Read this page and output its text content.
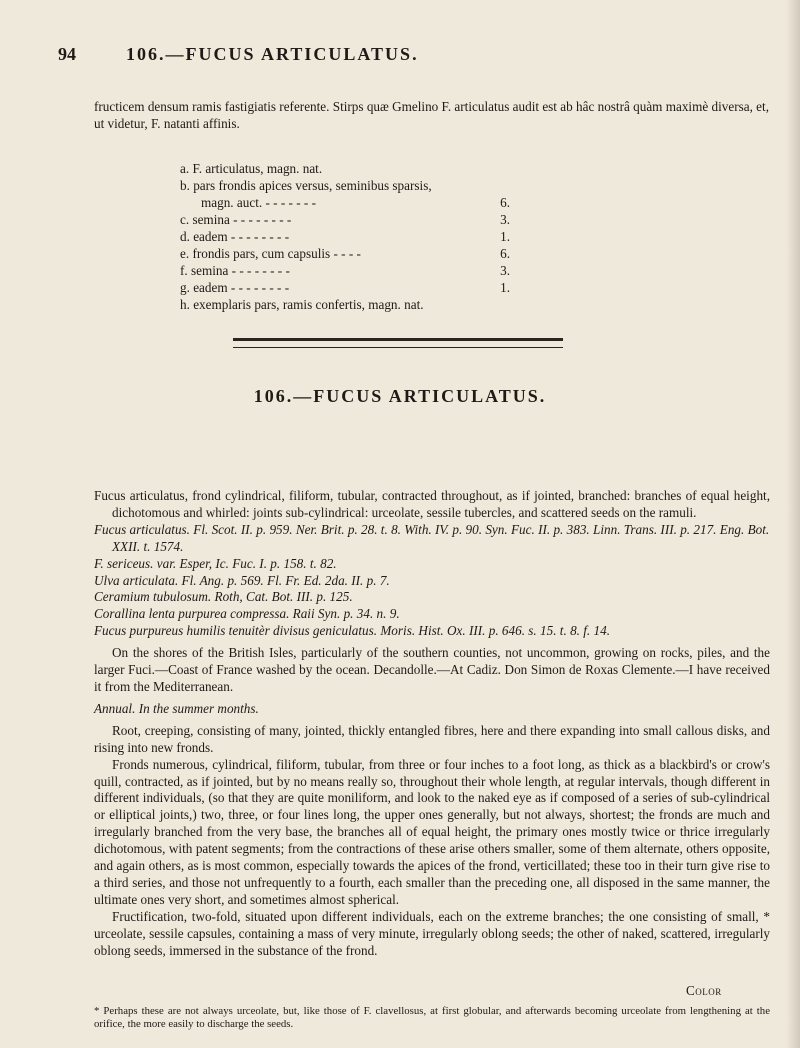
94	106.—FUCUS ARTICULATUS.

fructicem densum ramis fastigiatis referente. Stirps quæ Gmelino F. articulatus audit est ab hâc nostrâ quàm maximè diversa, et, ut videtur, F. natanti affinis.

a. F. articulatus, magn. nat.
b. pars frondis apices versus, seminibus sparsis,
magn. auct. - - - - - - -	6.
c. semina - - - - - - - -	3.
d. eadem - - - - - - - -	1.
e. frondis pars, cum capsulis - - - -	6.
f. semina - - - - - - - -	3.
g. eadem - - - - - - - -	1.
h. exemplaris pars, ramis confertis, magn. nat.
106.—FUCUS ARTICULATUS.

Fucus articulatus, frond cylindrical, filiform, tubular, contracted throughout, as if jointed, branched: branches of equal height, dichotomous and whirled: joints sub-cylindrical: urceolate, sessile tubercles, and scattered seeds on the ramuli.

Fucus articulatus. Fl. Scot. II. p. 959. Ner. Brit. p. 28. t. 8. With. IV. p. 90. Syn. Fuc. II. p. 383. Linn. Trans. III. p. 217. Eng. Bot. XXII. t. 1574.

F. sericeus. var. Esper, Ic. Fuc. I. p. 158. t. 82.

Ulva articulata. Fl. Ang. p. 569. Fl. Fr. Ed. 2da. II. p. 7.

Ceramium tubulosum. Roth, Cat. Bot. III. p. 125.

Corallina lenta purpurea compressa. Raii Syn. p. 34. n. 9.

Fucus purpureus humilis tenuitèr divisus geniculatus. Moris. Hist. Ox. III. p. 646. s. 15. t. 8. f. 14.

On the shores of the British Isles, particularly of the southern counties, not uncommon, growing on rocks, piles, and the larger Fuci.—Coast of France washed by the ocean. Decandolle.—At Cadiz. Don Simon de Roxas Clemente.—I have received it from the Mediterranean.

Annual. In the summer months.

Root, creeping, consisting of many, jointed, thickly entangled fibres, here and there expanding into small callous disks, and rising into new fronds.

Fronds numerous, cylindrical, filiform, tubular, from three or four inches to a foot long, as thick as a blackbird's or crow's quill, contracted, as if jointed, but by no means really so, throughout their whole length, at regular intervals, though different in different individuals, (so that they are quite moniliform, and look to the naked eye as if composed of a series of sub-cylindrical or elliptical joints,) two, three, or four lines long, the upper ones generally, but not always, shortest; the fronds are much and irregularly branched from the very base, the branches all of equal height, the primary ones mostly twice or thrice irregularly dichotomous, with patent segments; from the contractions of these arise others smaller, some of them alternate, others opposite, and again others, as is most common, especially towards the apices of the frond, verticillated; these too in their turn give rise to a third series, and those not unfrequently to a fourth, each smaller than the preceding one, all disposed in the same manner, the ultimate ones very short, and sometimes almost spherical.

Fructification, two-fold, situated upon different individuals, each on the extreme branches; the one consisting of small, * urceolate, sessile capsules, containing a mass of very minute, irregularly oblong seeds; the other of naked, scattered, irregularly oblong seeds, immersed in the substance of the frond.

Color

* Perhaps these are not always urceolate, but, like those of F. clavellosus, at first globular, and afterwards becoming urceolate from lengthening at the orifice, the more easily to discharge the seeds.
